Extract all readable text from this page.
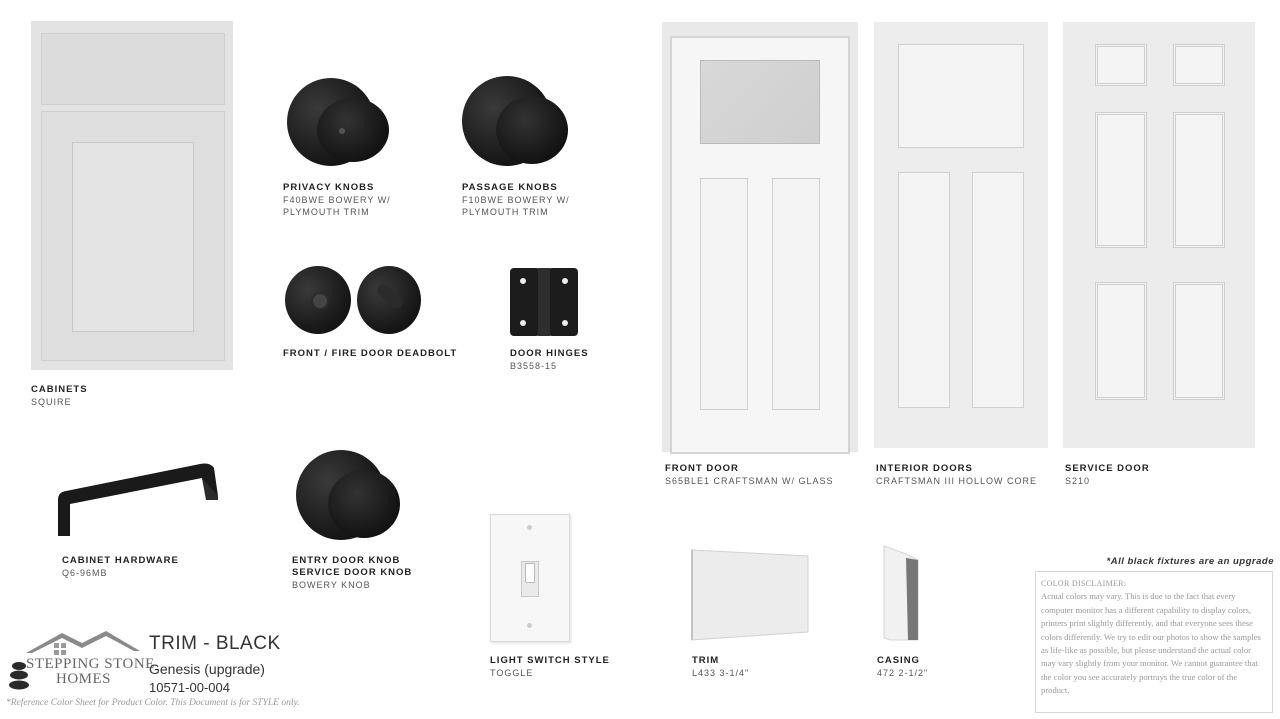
CABINETS
SQUIRE
PRIVACY KNOBS
F40BWE BOWERY W/
PLYMOUTH TRIM
PASSAGE KNOBS
F10BWE BOWERY W/
PLYMOUTH TRIM
FRONT / FIRE DOOR DEADBOLT	DOOR HINGES
B3558-15
FRONT DOOR
S65BLE1 CRAFTSMAN W/ GLASS
INTERIOR DOORS
CRAFTSMAN III HOLLOW CORE
SERVICE DOOR
S210
CABINET HARDWARE
Q6-96MB
ENTRY DOOR KNOB
SERVICE DOOR KNOB
BOWERY KNOB
LIGHT SWITCH STYLE
TOGGLE
TRIM
L433 3-1/4"
CASING
472 2-1/2"
*All black fixtures are an upgrade
COLOR DISCLAIMER:
Actual colors may vary. This is due to the fact that every computer monitor has a different capability to display colors, printers print slightly differently, and that everyone sees these colors differently. We try to edit our photos to show the samples as life-like as possible, but please understand the actual color may vary slightly from your monitor. We cannot guarantee that the color you see accurately portrays the true color of the product.
STEPPING STONE
HOMES
TRIM - BLACK
Genesis (upgrade)
10571-00-004
*Reference Color Sheet for Product Color. This Document is for STYLE only.
